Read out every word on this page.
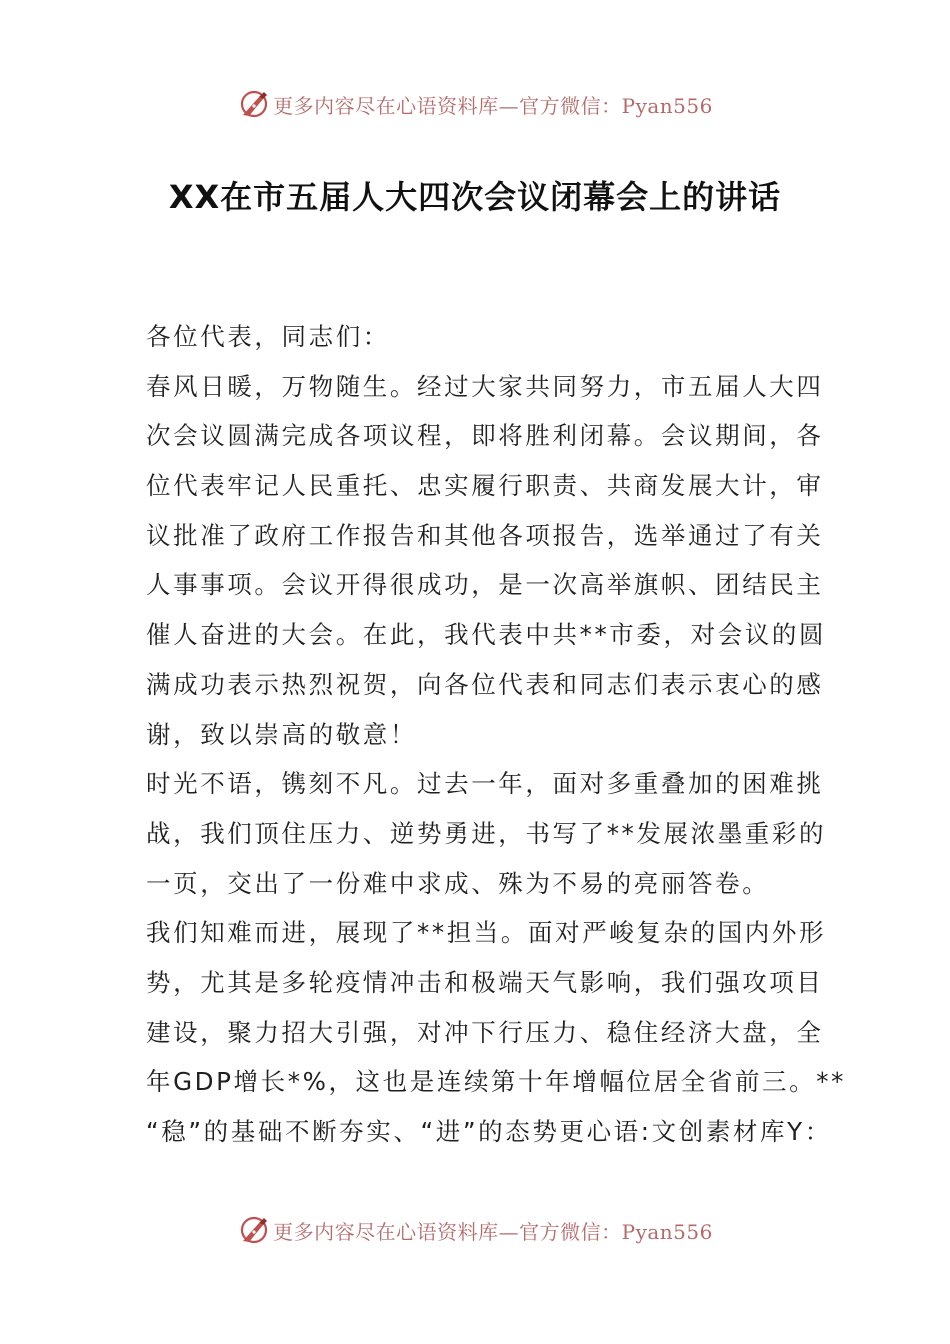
更多内容尽在心语资料库—官方微信：Pyan556
XX在市五届人大四次会议闭幕会上的讲话
各位代表，同志们：
春风日暖，万物随生。经过大家共同努力，市五届人大四
次会议圆满完成各项议程，即将胜利闭幕。会议期间，各
位代表牢记人民重托、忠实履行职责、共商发展大计，审
议批准了政府工作报告和其他各项报告，选举通过了有关
人事事项。会议开得很成功，是一次高举旗帜、团结民主
催人奋进的大会。在此，我代表中共**市委，对会议的圆
满成功表示热烈祝贺，向各位代表和同志们表示衷心的感
谢，致以崇高的敬意！
时光不语，镌刻不凡。过去一年，面对多重叠加的困难挑
战，我们顶住压力、逆势勇进，书写了**发展浓墨重彩的
一页，交出了一份难中求成、殊为不易的亮丽答卷。
我们知难而进，展现了**担当。面对严峻复杂的国内外形
势，尤其是多轮疫情冲击和极端天气影响，我们强攻项目
建设，聚力招大引强，对冲下行压力、稳住经济大盘，全
年GDP增长*%，这也是连续第十年增幅位居全省前三。**
“稳”的基础不断夯实、“进”的态势更心语:文创素材库Y：
更多内容尽在心语资料库—官方微信：Pyan556
